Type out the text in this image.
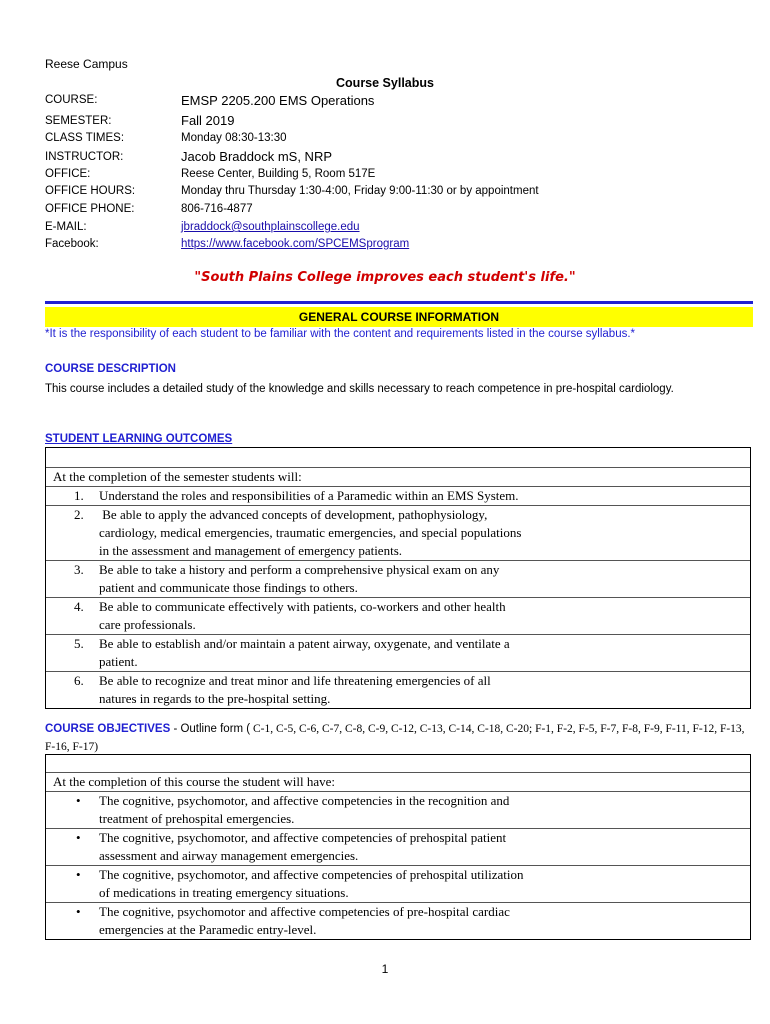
Reese Campus
Course Syllabus
COURSE:	EMSP 2205.200 EMS Operations
SEMESTER:	Fall 2019
CLASS TIMES:	Monday 08:30-13:30
INSTRUCTOR:	Jacob Braddock mS, NRP
OFFICE:	Reese Center, Building 5, Room 517E
OFFICE HOURS:	Monday thru Thursday 1:30-4:00, Friday 9:00-11:30 or by appointment
OFFICE PHONE:	806-716-4877
E-MAIL:	jbraddock@southplainscollege.edu
Facebook:	https://www.facebook.com/SPCEMSprogram
"South Plains College improves each student's life."
GENERAL COURSE INFORMATION
*It is the responsibility of each student to be familiar with the content and requirements listed in the course syllabus.*
COURSE DESCRIPTION
This course includes a detailed study of the knowledge and skills necessary to reach competence in pre-hospital cardiology.
STUDENT LEARNING OUTCOMES
At the completion of the semester students will:
1. Understand the roles and responsibilities of a Paramedic within an EMS System.
2. Be able to apply the advanced concepts of development, pathophysiology,
cardiology, medical emergencies, traumatic emergencies, and special populations
in the assessment and management of emergency patients.
3. Be able to take a history and perform a comprehensive physical exam on any
patient and communicate those findings to others.
4. Be able to communicate effectively with patients, co-workers and other health
care professionals.
5. Be able to establish and/or maintain a patent airway, oxygenate, and ventilate a
patient.
6. Be able to recognize and treat minor and life threatening emergencies of all
natures in regards to the pre-hospital setting.
COURSE OBJECTIVES - Outline form ( C-1, C-5, C-6, C-7, C-8, C-9, C-12, C-13, C-14, C-18, C-20; F-1, F-2, F-5, F-7, F-8, F-9, F-11, F-12, F-13, F-16, F-17)
At the completion of this course the student will have:
• The cognitive, psychomotor, and affective competencies in the recognition and
treatment of prehospital emergencies.
• The cognitive, psychomotor, and affective competencies of prehospital patient
assessment and airway management emergencies.
• The cognitive, psychomotor, and affective competencies of prehospital utilization
of medications in treating emergency situations.
• The cognitive, psychomotor and affective competencies of pre-hospital cardiac
emergencies at the Paramedic entry-level.
1
